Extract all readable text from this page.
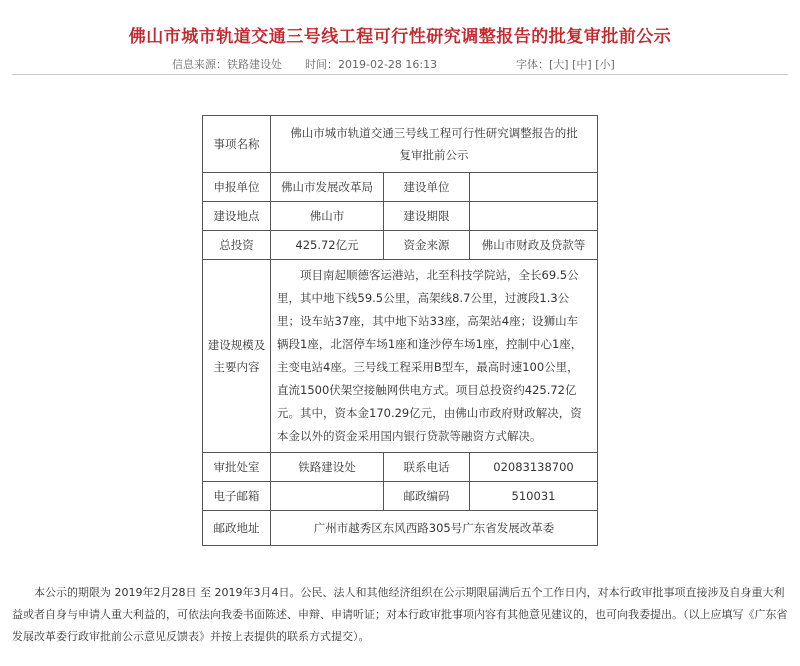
佛山市城市轨道交通三号线工程可行性研究调整报告的批复审批前公示
信息来源：铁路建设处 时间：2019-02-28 16:13	字体：[大] [中] [小]
事项名称	佛山市城市轨道交通三号线工程可行性研究调整报告的批复审批前公示		
申报单位	佛山市发展改革局	建设单位	
建设地点	佛山市	建设期限	
总投资	425.72亿元	资金来源	佛山市财政及贷款等
建设规模及主要内容	项目南起顺德客运港站，北至科技学院站，全长69.5公里，其中地下线59.5公里，高架线8.7公里，过渡段1.3公里；设车站37座，其中地下站33座，高架站4座；设狮山车辆段1座，北滘停车场1座和逢沙停车场1座，控制中心1座，主变电站4座。三号线工程采用B型车，最高时速100公里，直流1500伏架空接触网供电方式。项目总投资约425.72亿元。其中，资本金170.29亿元，由佛山市政府财政解决，资本金以外的资金采用国内银行贷款等融资方式解决。		

审批处室	铁路建设处	联系电话	02083138700
电子邮箱		邮政编码	510031
邮政地址	广州市越秀区东风西路305号广东省发展改革委		

本公示的期限为 2019年2月28日 至 2019年3月4日。公民、法人和其他经济组织在公示期限届满后五个工作日内，对本行政审批事项直接涉及自身重大利益或者自身与申请人重大利益的，可依法向我委书面陈述、申辩、申请听证；对本行政审批事项内容有其他意见建议的，也可向我委提出。（以上应填写《广东省发展改革委行政审批前公示意见反馈表》并按上表提供的联系方式提交）。
